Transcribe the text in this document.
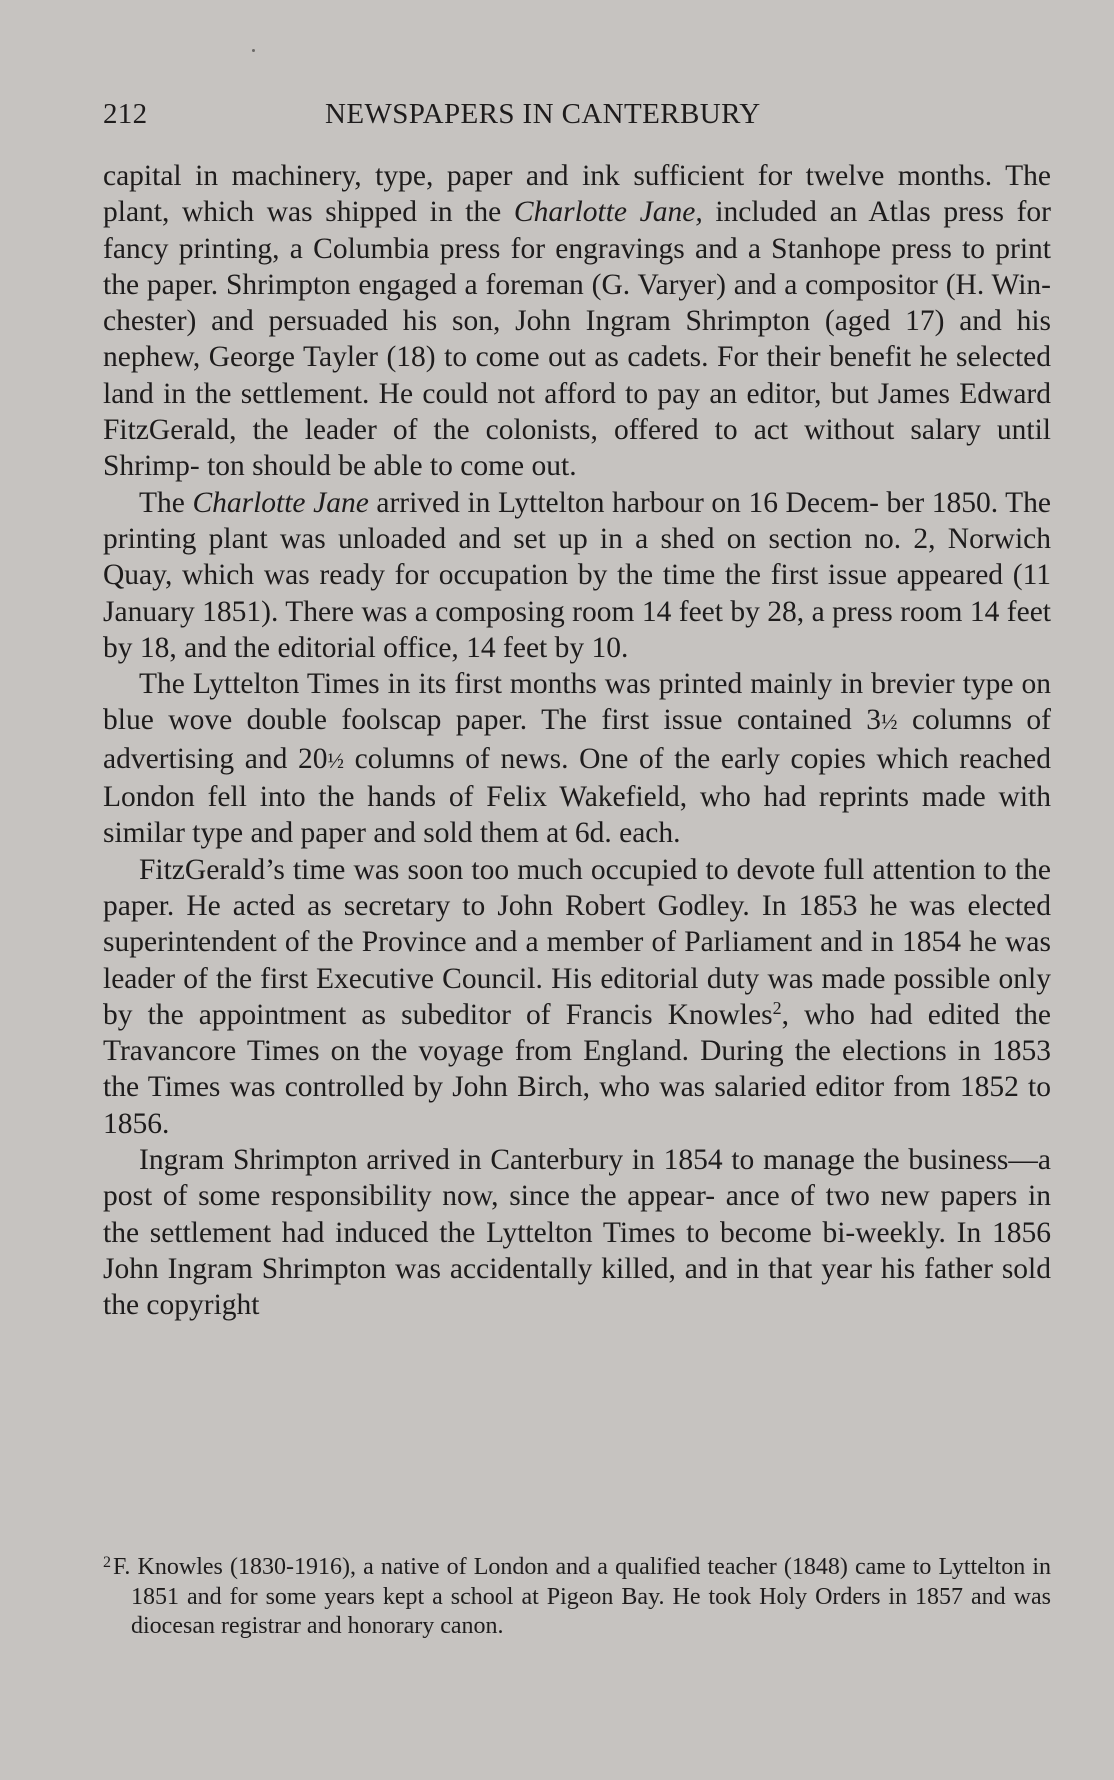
212	NEWSPAPERS IN CANTERBURY

capital in machinery, type, paper and ink sufficient for twelve months. The plant, which was shipped in the Charlotte Jane, included an Atlas press for fancy printing, a Columbia press for engravings and a Stanhope press to print the paper. Shrimpton engaged a foreman (G. Varyer) and a compositor (H. Win- chester) and persuaded his son, John Ingram Shrimpton (aged 17) and his nephew, George Tayler (18) to come out as cadets. For their benefit he selected land in the settlement. He could not afford to pay an editor, but James Edward FitzGerald, the leader of the colonists, offered to act without salary until Shrimp- ton should be able to come out.

The Charlotte Jane arrived in Lyttelton harbour on 16 Decem- ber 1850. The printing plant was unloaded and set up in a shed on section no. 2, Norwich Quay, which was ready for occupation by the time the first issue appeared (11 January 1851). There was a composing room 14 feet by 28, a press room 14 feet by 18, and the editorial office, 14 feet by 10.

The Lyttelton Times in its first months was printed mainly in brevier type on blue wove double foolscap paper. The first issue contained 3½ columns of advertising and 20½ columns of news. One of the early copies which reached London fell into the hands of Felix Wakefield, who had reprints made with similar type and paper and sold them at 6d. each.

FitzGerald’s time was soon too much occupied to devote full attention to the paper. He acted as secretary to John Robert Godley. In 1853 he was elected superintendent of the Province and a member of Parliament and in 1854 he was leader of the first Executive Council. His editorial duty was made possible only by the appointment as subeditor of Francis Knowles$^2$, who had edited the Travancore Times on the voyage from England. During the elections in 1853 the Times was controlled by John Birch, who was salaried editor from 1852 to 1856.

Ingram Shrimpton arrived in Canterbury in 1854 to manage the business—a post of some responsibility now, since the appear- ance of two new papers in the settlement had induced the Lyttelton Times to become bi-weekly. In 1856 John Ingram Shrimpton was accidentally killed, and in that year his father sold the copyright

$^2$F. Knowles (1830-1916), a native of London and a qualified teacher (1848) came to Lyttelton in 1851 and for some years kept a school at Pigeon Bay. He took Holy Orders in 1857 and was diocesan registrar and honorary canon.
